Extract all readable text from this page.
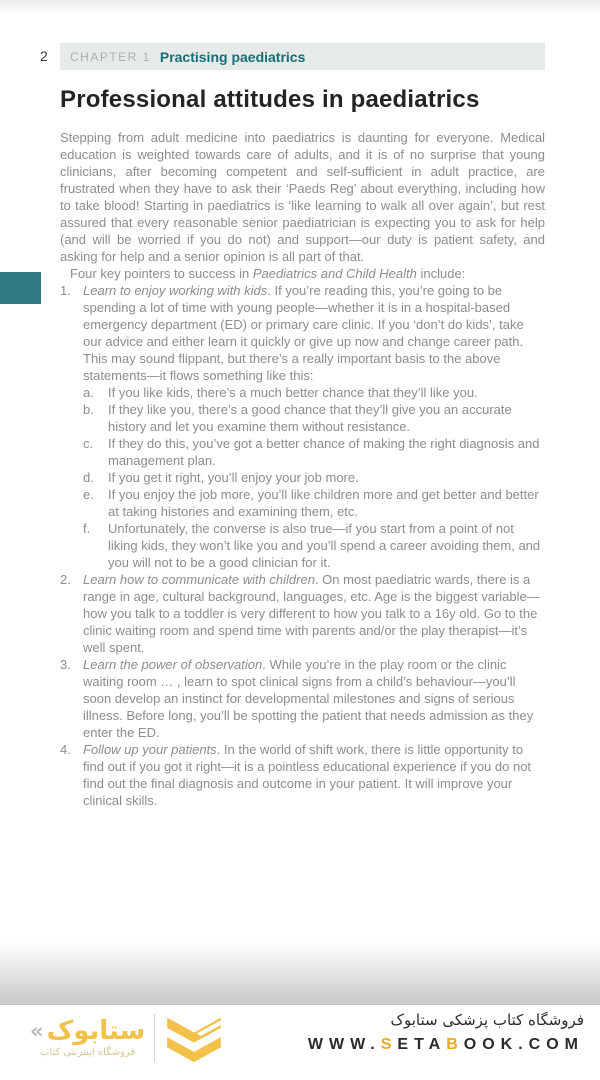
2 CHAPTER 1 Practising paediatrics
Professional attitudes in paediatrics

Stepping from adult medicine into paediatrics is daunting for everyone. Medical education is weighted towards care of adults, and it is of no surprise that young clinicians, after becoming competent and self-sufficient in adult practice, are frustrated when they have to ask their ‘Paeds Reg’ about everything, including how to take blood! Starting in paediatrics is ‘like learning to walk all over again’, but rest assured that every reasonable senior paediatrician is expecting you to ask for help (and will be worried if you do not) and support—our duty is patient safety, and asking for help and a senior opinion is all part of that.

Four key pointers to success in Paediatrics and Child Health include:

1. Learn to enjoy working with kids. If you’re reading this, you’re going to be spending a lot of time with young people—whether it is in a hospital-based emergency department (ED) or primary care clinic. If you ‘don’t do kids’, take our advice and either learn it quickly or give up now and change career path. This may sound flippant, but there’s a really important basis to the above statements—it flows something like this:
a.	If you like kids, there’s a much better chance that they’ll like you.
b.	If they like you, there’s a good chance that they’ll give you an accurate history and let you examine them without resistance.
c.	If they do this, you’ve got a better chance of making the right diagnosis and management plan.
d.	If you get it right, you’ll enjoy your job more.
e.	If you enjoy the job more, you’ll like children more and get better and better at taking histories and examining them, etc.
f.	Unfortunately, the converse is also true—if you start from a point of not liking kids, they won’t like you and you’ll spend a career avoiding them, and you will not to be a good clinician for it.
2. Learn how to communicate with children. On most paediatric wards, there is a range in age, cultural background, languages, etc. Age is the biggest variable—how you talk to a toddler is very different to how you talk to a 16y old. Go to the clinic waiting room and spend time with parents and/or the play therapist—it’s well spent.
3. Learn the power of observation. While you’re in the play room or the clinic waiting room … , learn to spot clinical signs from a child’s behaviour—you’ll soon develop an instinct for developmental milestones and signs of serious illness. Before long, you’ll be spotting the patient that needs admission as they enter the ED.
4. Follow up your patients. In the world of shift work, there is little opportunity to find out if you got it right—it is a pointless educational experience if you do not find out the final diagnosis and outcome in your patient. It will improve your clinical skills.
« ستابوک
فروشگاه اینترنتی کتاب
فروشگاه کتاب پزشکی ستابوک
WWW.SETABOOK.COM
